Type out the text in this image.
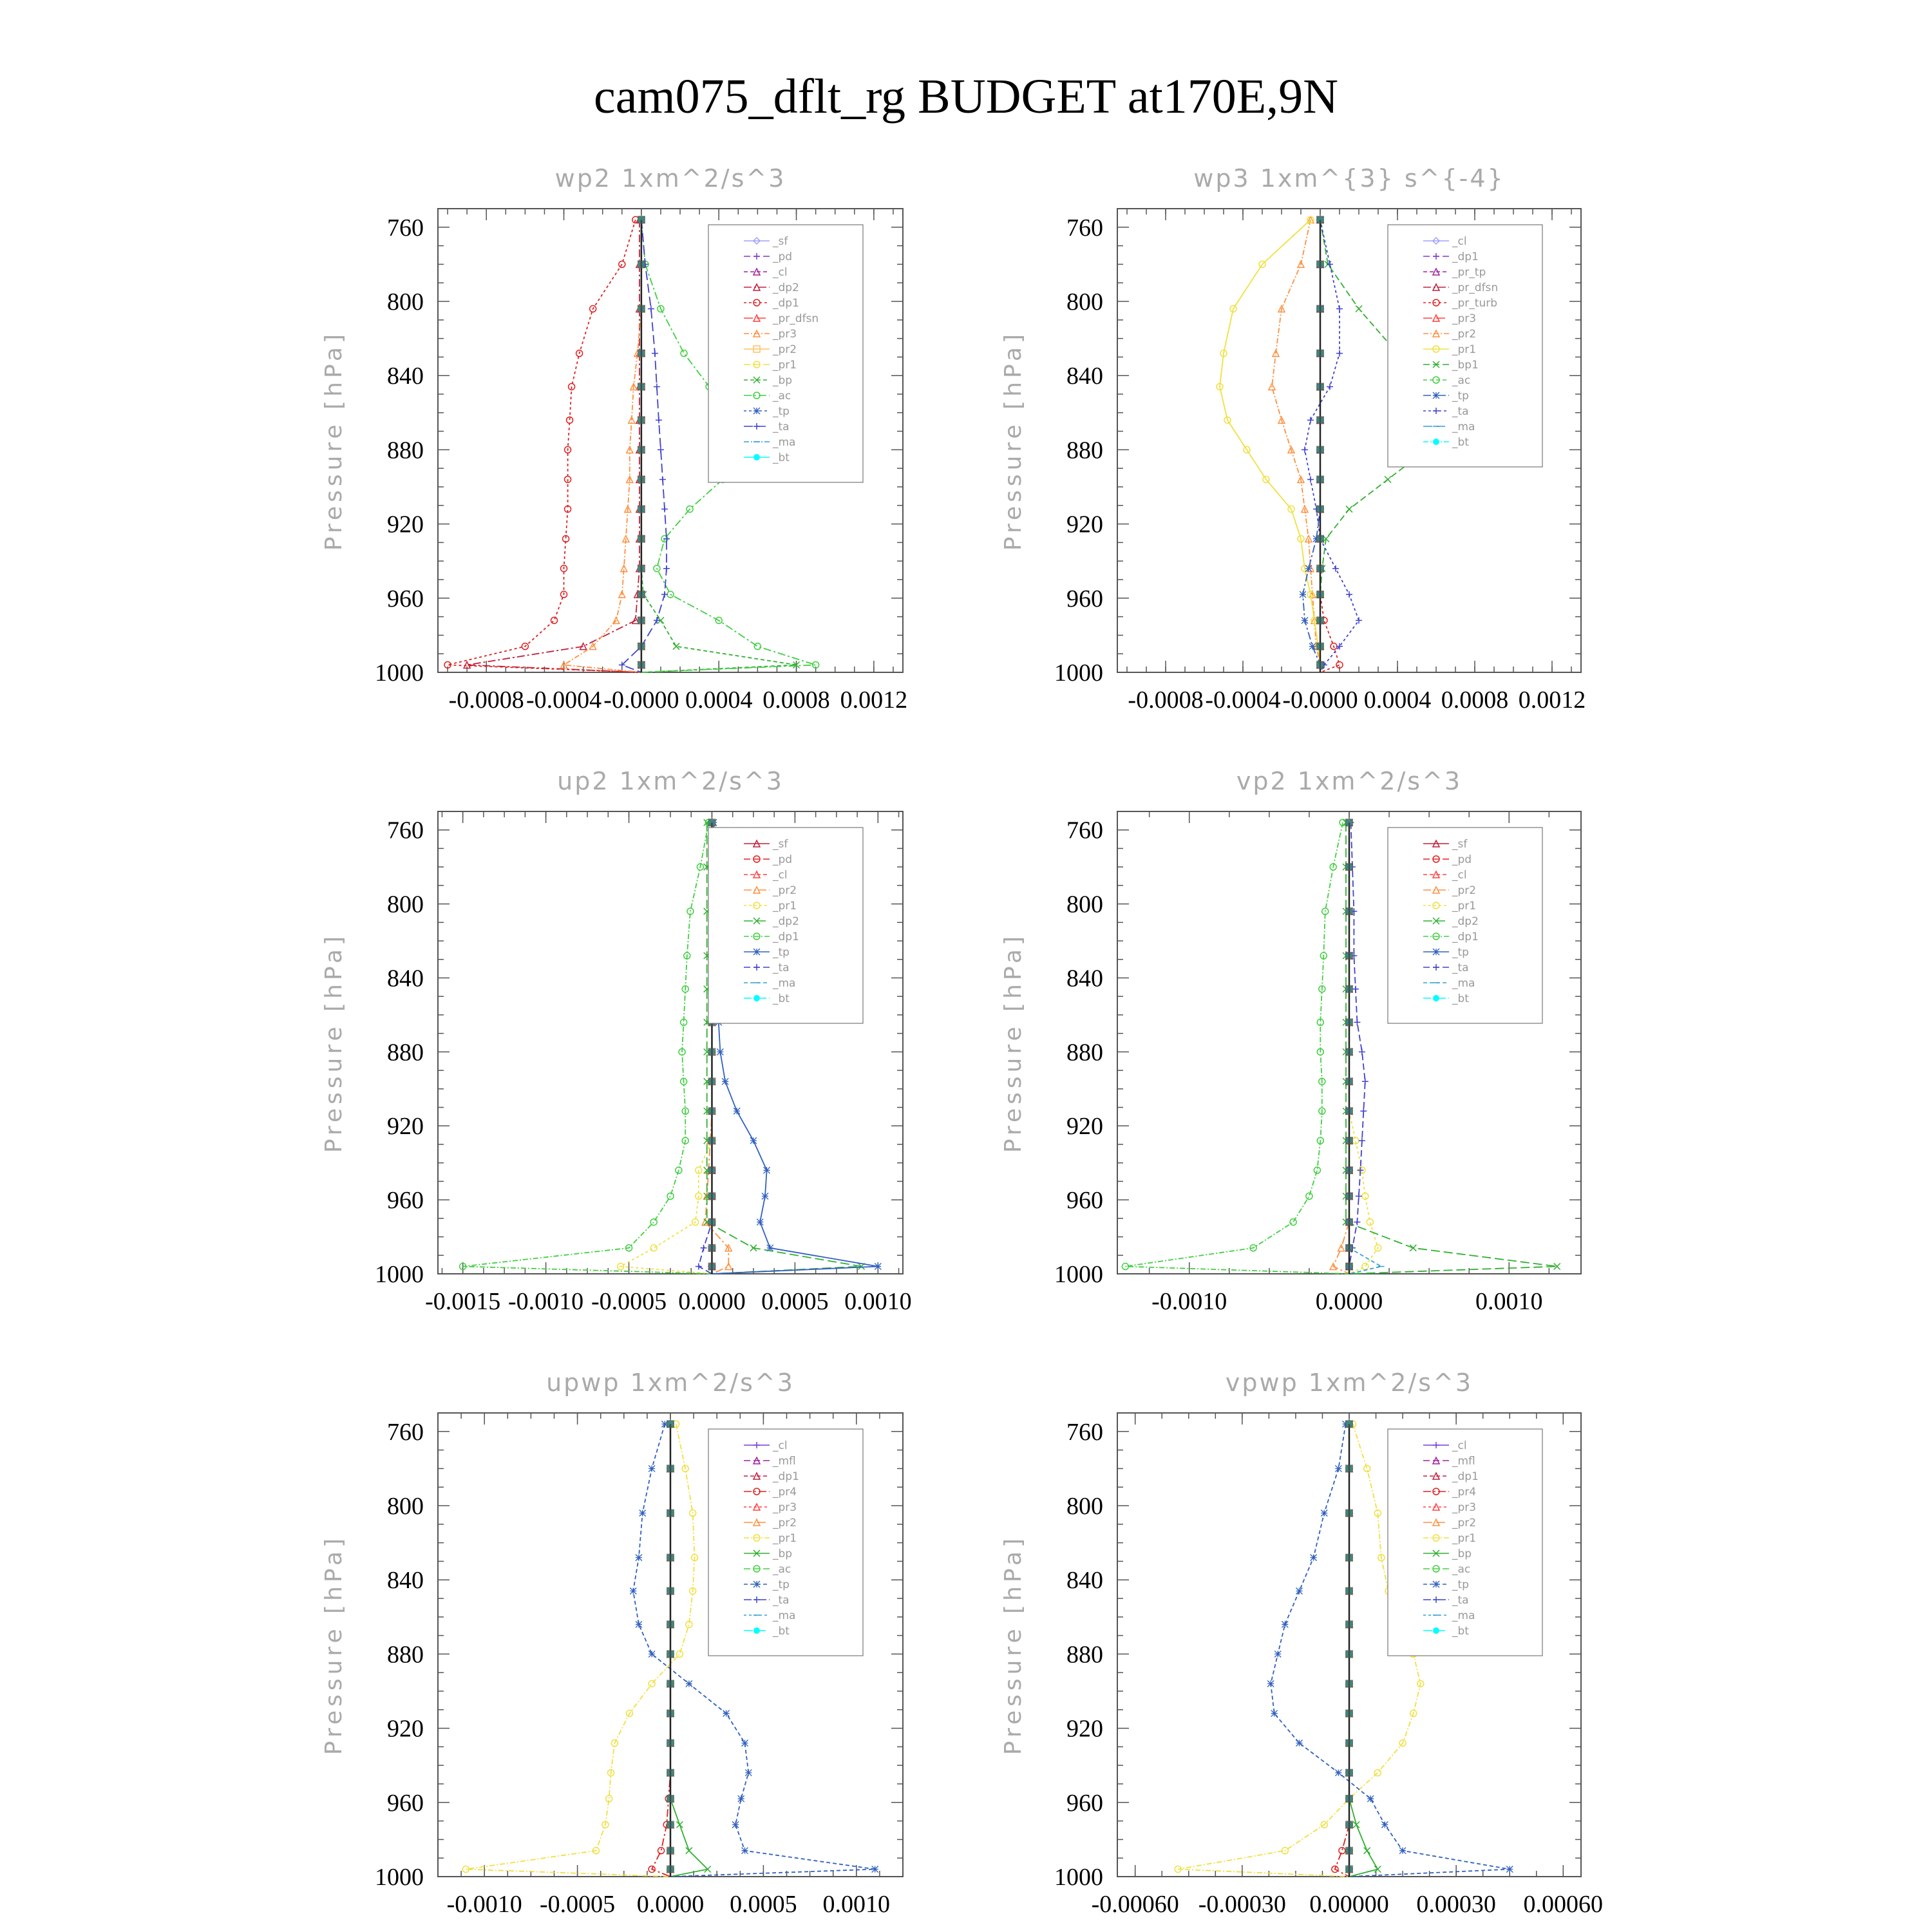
cam075_dflt_rg BUDGET at170E,9N
wp2 1xm^2/s^3
Pressure [hPa]
760
800
840
880
920
960
1000
-0.0008 -0.0004 -0.0000 0.0004 0.0008 0.0012
_sf
_pd
_cl
_dp2
_dp1
_pr_dfsn
_pr3
_pr2
_pr1
_bp
_ac
_tp
_ta
_ma
_bt
wp3 1xm^{3} s^{-4}
Pressure [hPa]
760
800
840
880
920
960
1000
-0.0008 -0.0004 -0.0000 0.0004 0.0008 0.0012
_cl
_dp1
_pr_tp
_pr_dfsn
_pr_turb
_pr3
_pr2
_pr1
_bp1
_ac
_tp
_ta
_ma
_bt
up2 1xm^2/s^3
Pressure [hPa]
760
800
840
880
920
960
1000
-0.0015 -0.0010 -0.0005 0.0000 0.0005 0.0010
_sf
_pd
_cl
_pr2
_pr1
_dp2
_dp1
_tp
_ta
_ma
_bt
vp2 1xm^2/s^3
Pressure [hPa]
760
800
840
880
920
960
1000
-0.0010	0.0000	0.0010
_sf
_pd
_cl
_pr2
_pr1
_dp2
_dp1
_tp
_ta
_ma
_bt
upwp 1xm^2/s^3
Pressure [hPa]
760
800
840
880
920
960
1000
-0.0010 -0.0005 0.0000 0.0005 0.0010
_cl
_mfl
_dp1
_pr4
_pr3
_pr2
_pr1
_bp
_ac
_tp
_ta
_ma
_bt
vpwp 1xm^2/s^3
Pressure [hPa]
760
800
840
880
920
960
1000
-0.00060 -0.00030 0.00000 0.00030 0.00060
_cl
_mfl
_dp1
_pr4
_pr3
_pr2
_pr1
_bp
_ac
_tp
_ta
_ma
_bt
